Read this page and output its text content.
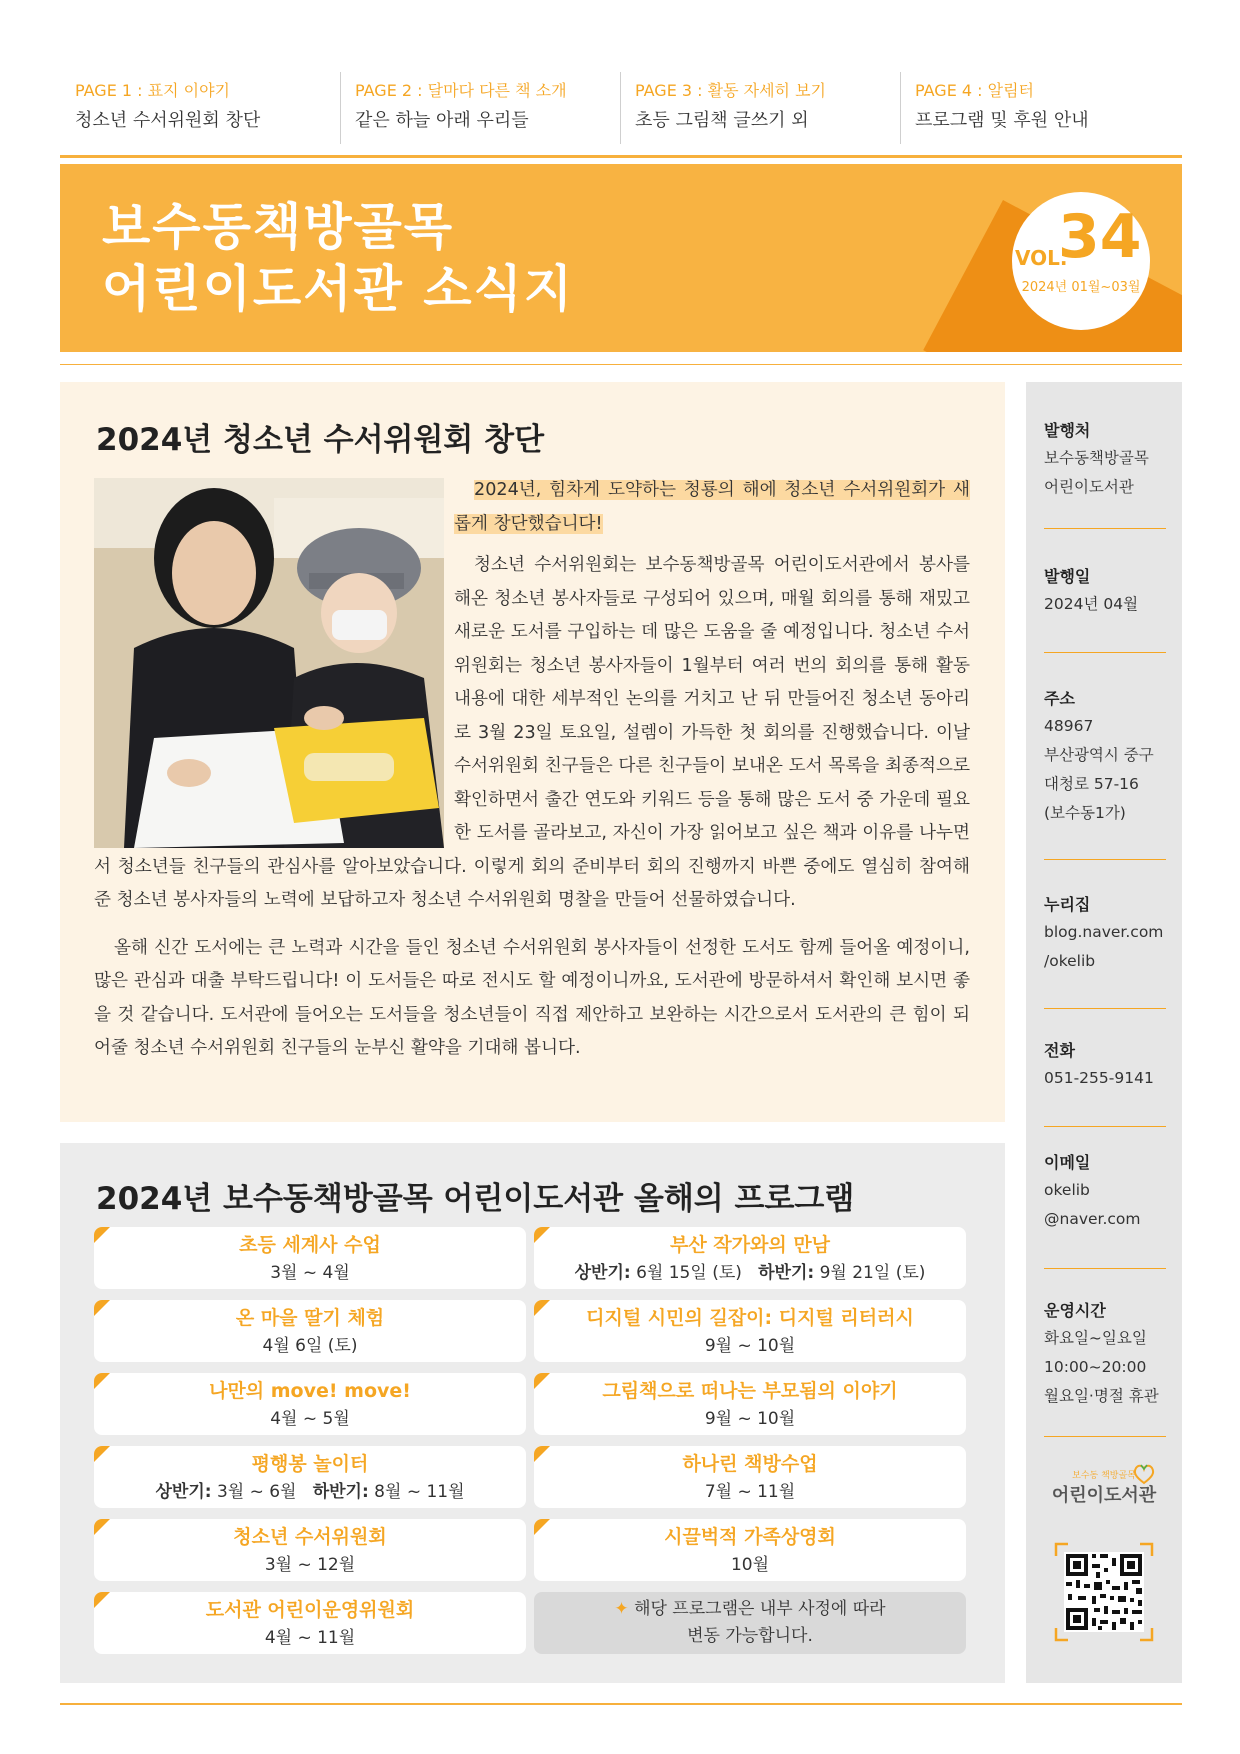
PAGE 1 : 표지 이야기
청소년 수서위원회 창단
PAGE 2 : 달마다 다른 책 소개
같은 하늘 아래 우리들
PAGE 3 : 활동 자세히 보기
초등 그림책 글쓰기 외
PAGE 4 : 알림터
프로그램 및 후원 안내
보수동책방골목
어린이도서관 소식지
VOL.
34
2024년 01월~03월
2024년 청소년 수서위원회 창단

2024년, 힘차게 도약하는 청룡의 해에 청소년 수서위원회가 새롭게 창단했습니다!

청소년 수서위원회는 보수동책방골목 어린이도서관에서 봉사를 해온 청소년 봉사자들로 구성되어 있으며, 매월 회의를 통해 재밌고 새로운 도서를 구입하는 데 많은 도움을 줄 예정입니다. 청소년 수서위원회는 청소년 봉사자들이 1월부터 여러 번의 회의를 통해 활동 내용에 대한 세부적인 논의를 거치고 난 뒤 만들어진 청소년 동아리로 3월 23일 토요일, 설렘이 가득한 첫 회의를 진행했습니다. 이날 수서위원회 친구들은 다른 친구들이 보내온 도서 목록을 최종적으로 확인하면서 출간 연도와 키워드 등을 통해 많은 도서 중 가운데 필요한 도서를 골라보고, 자신이 가장 읽어보고 싶은 책과 이유를 나누면서 청소년들 친구들의 관심사를 알아보았습니다. 이렇게 회의 준비부터 회의 진행까지 바쁜 중에도 열심히 참여해 준 청소년 봉사자들의 노력에 보답하고자 청소년 수서위원회 명찰을 만들어 선물하였습니다.

올해 신간 도서에는 큰 노력과 시간을 들인 청소년 수서위원회 봉사자들이 선정한 도서도 함께 들어올 예정이니, 많은 관심과 대출 부탁드립니다! 이 도서들은 따로 전시도 할 예정이니까요, 도서관에 방문하셔서 확인해 보시면 좋을 것 같습니다. 도서관에 들어오는 도서들을 청소년들이 직접 제안하고 보완하는 시간으로서 도서관의 큰 힘이 되어줄 청소년 수서위원회 친구들의 눈부신 활약을 기대해 봅니다.

2024년 보수동책방골목 어린이도서관 올해의 프로그램
초등 세계사 수업
3월 ~ 4월
온 마을 딸기 체험
4월 6일 (토)
나만의 move! move!
4월 ~ 5월
평행봉 놀이터
상반기: 3월 ~ 6월 하반기: 8월 ~ 11월
청소년 수서위원회
3월 ~ 12월
도서관 어린이운영위원회
4월 ~ 11월
부산 작가와의 만남
상반기: 6월 15일 (토) 하반기: 9월 21일 (토)
디지털 시민의 길잡이: 디지털 리터러시
9월 ~ 10월
그림책으로 떠나는 부모됨의 이야기
9월 ~ 10월
하나린 책방수업
7월 ~ 11월
시끌벅적 가족상영회
10월
✦ 해당 프로그램은 내부 사정에 따라
변동 가능합니다.
발행처
보수동책방골목
어린이도서관
발행일
2024년 04월
주소
48967
부산광역시 중구
대청로 57-16
(보수동1가)
누리집
blog.naver.com
/okelib
전화
051-255-9141
이메일
okelib
@naver.com
운영시간
화요일~일요일
10:00~20:00
월요일·명절 휴관
보수동 책방골목
어린이도서관
